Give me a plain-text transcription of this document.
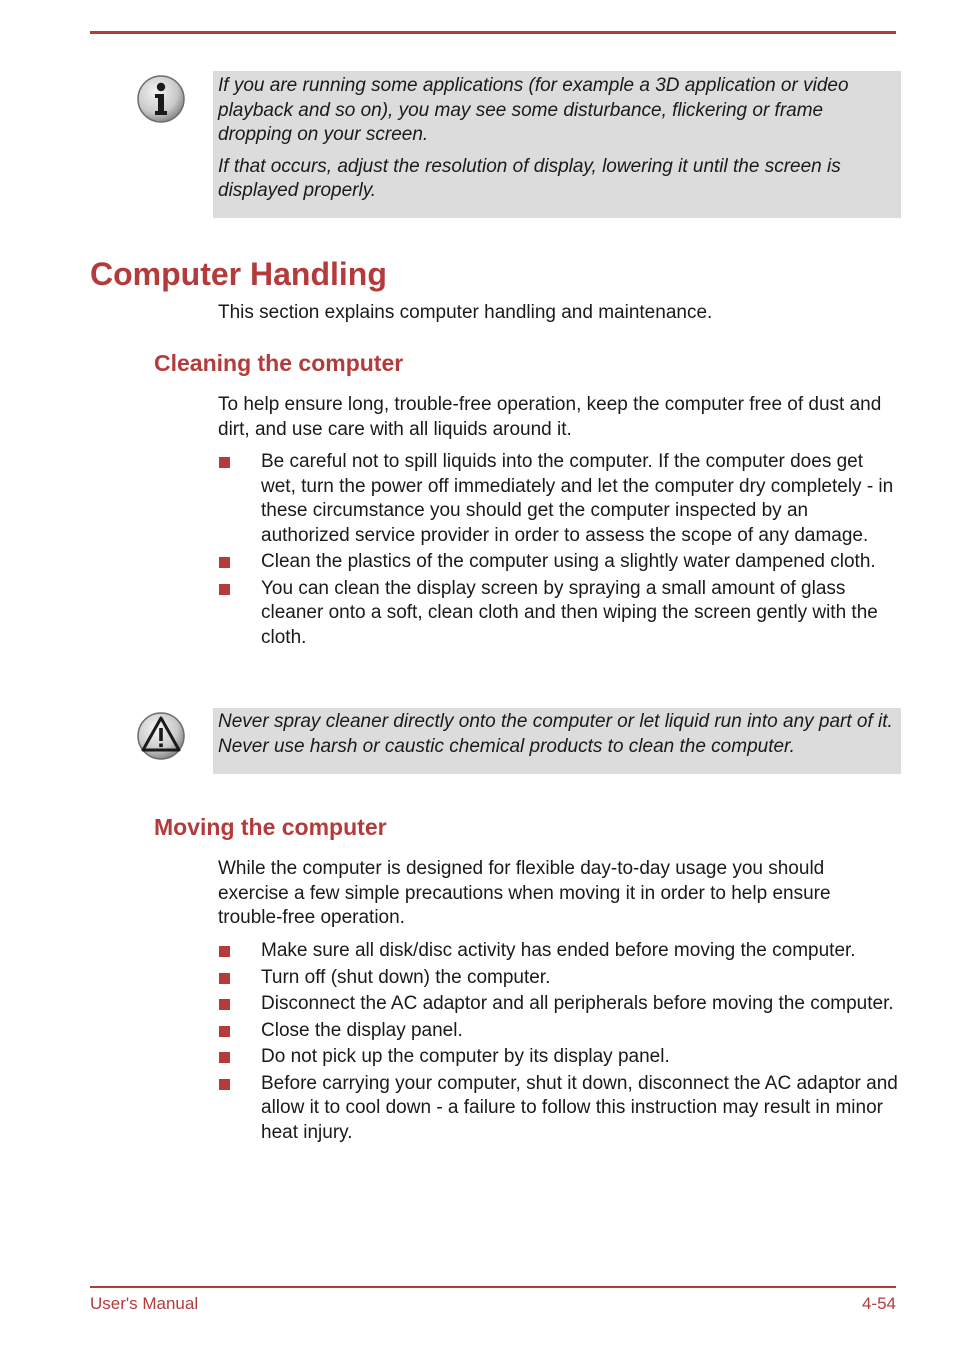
If you are running some applications (for example a 3D application or video playback and so on), you may see some disturbance, flickering or frame dropping on your screen.

If that occurs, adjust the resolution of display, lowering it until the screen is displayed properly.

Computer Handling

This section explains computer handling and maintenance.

Cleaning the computer

To help ensure long, trouble-free operation, keep the computer free of dust and dirt, and use care with all liquids around it.

Be careful not to spill liquids into the computer. If the computer does get wet, turn the power off immediately and let the computer dry completely - in these circumstance you should get the computer inspected by an authorized service provider in order to assess the scope of any damage.
Clean the plastics of the computer using a slightly water dampened cloth.
You can clean the display screen by spraying a small amount of glass cleaner onto a soft, clean cloth and then wiping the screen gently with the cloth.

Never spray cleaner directly onto the computer or let liquid run into any part of it. Never use harsh or caustic chemical products to clean the computer.

Moving the computer

While the computer is designed for flexible day-to-day usage you should exercise a few simple precautions when moving it in order to help ensure trouble-free operation.

Make sure all disk/disc activity has ended before moving the computer.
Turn off (shut down) the computer.
Disconnect the AC adaptor and all peripherals before moving the computer.
Close the display panel.
Do not pick up the computer by its display panel.
Before carrying your computer, shut it down, disconnect the AC adaptor and allow it to cool down - a failure to follow this instruction may result in minor heat injury.
User's Manual	4-54
